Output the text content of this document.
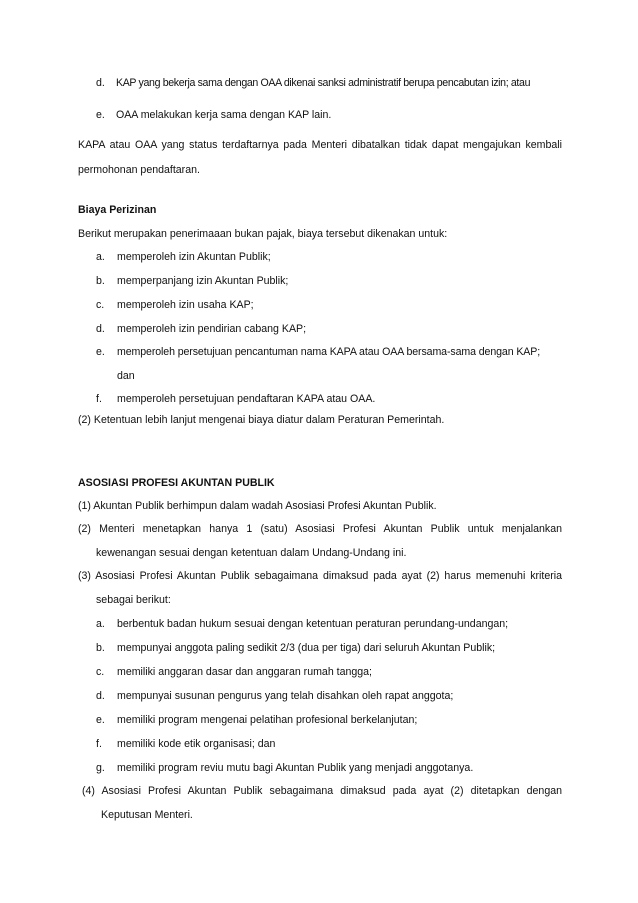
d. KAP yang bekerja sama dengan OAA dikenai sanksi administratif berupa pencabutan izin; atau
e. OAA melakukan kerja sama dengan KAP lain.
KAPA atau OAA yang status terdaftarnya pada Menteri dibatalkan tidak dapat mengajukan kembali
permohonan pendaftaran.
Biaya Perizinan
Berikut merupakan penerimaaan bukan pajak, biaya tersebut dikenakan untuk:
a. memperoleh izin Akuntan Publik;
b. memperpanjang izin Akuntan Publik;
c. memperoleh izin usaha KAP;
d. memperoleh izin pendirian cabang KAP;
e. memperoleh persetujuan pencantuman nama KAPA atau OAA bersama-sama dengan KAP;
dan
f. memperoleh persetujuan pendaftaran KAPA atau OAA.
(2) Ketentuan lebih lanjut mengenai biaya diatur dalam Peraturan Pemerintah.
ASOSIASI PROFESI AKUNTAN PUBLIK
(1) Akuntan Publik berhimpun dalam wadah Asosiasi Profesi Akuntan Publik.
(2) Menteri menetapkan hanya 1 (satu) Asosiasi Profesi Akuntan Publik untuk menjalankan
kewenangan sesuai dengan ketentuan dalam Undang-Undang ini.
(3) Asosiasi Profesi Akuntan Publik sebagaimana dimaksud pada ayat (2) harus memenuhi kriteria
sebagai berikut:
a. berbentuk badan hukum sesuai dengan ketentuan peraturan perundang-undangan;
b. mempunyai anggota paling sedikit 2/3 (dua per tiga) dari seluruh Akuntan Publik;
c. memiliki anggaran dasar dan anggaran rumah tangga;
d. mempunyai susunan pengurus yang telah disahkan oleh rapat anggota;
e. memiliki program mengenai pelatihan profesional berkelanjutan;
f. memiliki kode etik organisasi; dan
g. memiliki program reviu mutu bagi Akuntan Publik yang menjadi anggotanya.
(4) Asosiasi Profesi Akuntan Publik sebagaimana dimaksud pada ayat (2) ditetapkan dengan
Keputusan Menteri.
